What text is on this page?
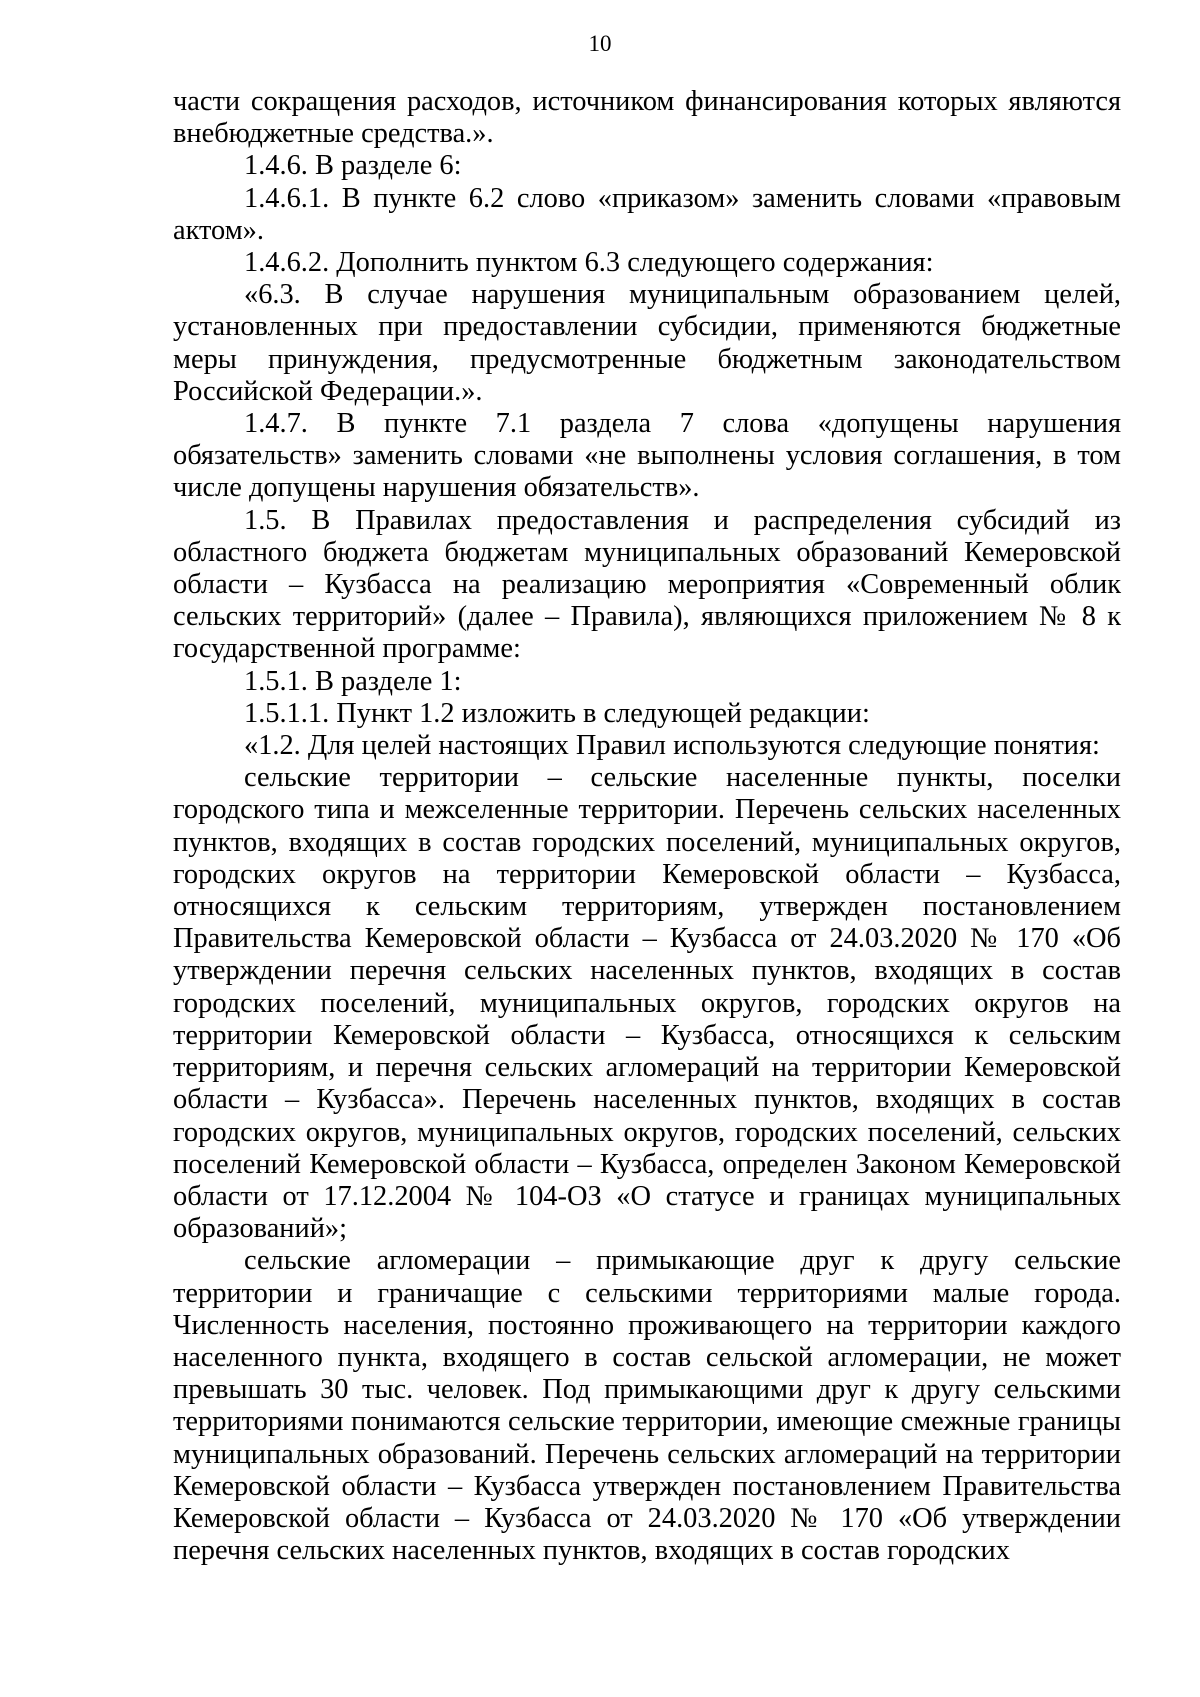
10

части сокращения расходов, источником финансирования которых являются внебюджетные средства.».

1.4.6. В разделе 6:

1.4.6.1. В пункте 6.2 слово «приказом» заменить словами «правовым актом».

1.4.6.2. Дополнить пунктом 6.3 следующего содержания:

«6.3. В случае нарушения муниципальным образованием целей, установленных при предоставлении субсидии, применяются бюджетные меры принуждения, предусмотренные бюджетным законодательством Российской Федерации.».

1.4.7. В пункте 7.1 раздела 7 слова «допущены нарушения обязательств» заменить словами «не выполнены условия соглашения, в том числе допущены нарушения обязательств».

1.5. В Правилах предоставления и распределения субсидий из областного бюджета бюджетам муниципальных образований Кемеровской области – Кузбасса на реализацию мероприятия «Современный облик сельских территорий» (далее – Правила), являющихся приложением № 8 к государственной программе:

1.5.1. В разделе 1:

1.5.1.1. Пункт 1.2 изложить в следующей редакции:

«1.2. Для целей настоящих Правил используются следующие понятия:

сельские территории – сельские населенные пункты, поселки городского типа и межселенные территории. Перечень сельских населенных пунктов, входящих в состав городских поселений, муниципальных округов, городских округов на территории Кемеровской области – Кузбасса, относящихся к сельским территориям, утвержден постановлением Правительства Кемеровской области – Кузбасса от 24.03.2020 № 170 «Об утверждении перечня сельских населенных пунктов, входящих в состав городских поселений, муниципальных округов, городских округов на территории Кемеровской области – Кузбасса, относящихся к сельским территориям, и перечня сельских агломераций на территории Кемеровской области – Кузбасса». Перечень населенных пунктов, входящих в состав городских округов, муниципальных округов, городских поселений, сельских поселений Кемеровской области – Кузбасса, определен Законом Кемеровской области от 17.12.2004 № 104-ОЗ «О статусе и границах муниципальных образований»;

сельские агломерации – примыкающие друг к другу сельские территории и граничащие с сельскими территориями малые города. Численность населения, постоянно проживающего на территории каждого населенного пункта, входящего в состав сельской агломерации, не может превышать 30 тыс. человек. Под примыкающими друг к другу сельскими территориями понимаются сельские территории, имеющие смежные границы муниципальных образований. Перечень сельских агломераций на территории Кемеровской области – Кузбасса утвержден постановлением Правительства Кемеровской области – Кузбасса от 24.03.2020 № 170 «Об утверждении перечня сельских населенных пунктов, входящих в состав городских
